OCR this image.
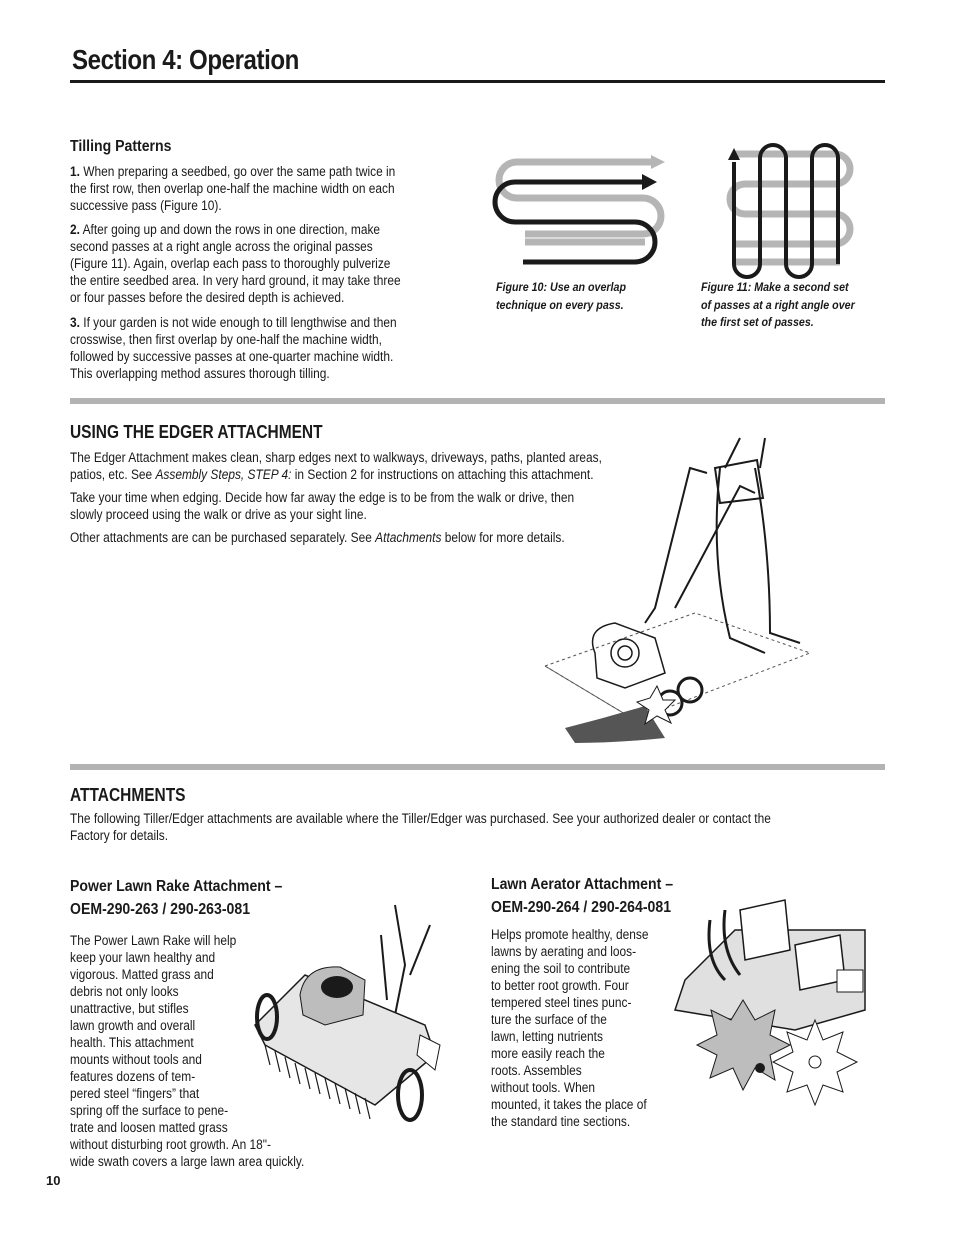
Section 4: Operation
Tilling Patterns

1. When preparing a seedbed, go over the same path twice in
the first row, then overlap one-half the machine width on each
successive pass (Figure 10).

2. After going up and down the rows in one direction, make
second passes at a right angle across the original passes
(Figure 11). Again, overlap each pass to thoroughly pulverize
the entire seedbed area. In very hard ground, it may take three
or four passes before the desired depth is achieved.

3. If your garden is not wide enough to till lengthwise and then
crosswise, then first overlap by one-half the machine width,
followed by successive passes at one-quarter machine width.
This overlapping method assures thorough tilling.

Figure 10: Use an overlap
technique on every pass.

Figure 11: Make a second set
of passes at a right angle over
the first set of passes.

USING THE EDGER ATTACHMENT

The Edger Attachment makes clean, sharp edges next to walkways, driveways, paths, planted areas,
patios, etc. See Assembly Steps, STEP 4: in Section 2 for instructions on attaching this attachment.

Take your time when edging. Decide how far away the edge is to be from the walk or drive, then
slowly proceed using the walk or drive as your sight line.

Other attachments are can be purchased separately. See Attachments below for more details.

ATTACHMENTS

The following Tiller/Edger attachments are available where the Tiller/Edger was purchased. See your authorized dealer or contact the
Factory for details.

Power Lawn Rake Attachment –
OEM-290-263 / 290-263-081

The Power Lawn Rake will help
keep your lawn healthy and
vigorous. Matted grass and
debris not only looks
unattractive, but stifles
lawn growth and overall
health. This attachment
mounts without tools and
features dozens of tem-
pered steel “fingers” that
spring off the surface to pene-
trate and loosen matted grass
without disturbing root growth. An 18"-
wide swath covers a large lawn area quickly.

Lawn Aerator Attachment –
OEM-290-264 / 290-264-081

Helps promote healthy, dense
lawns by aerating and loos-
ening the soil to contribute
to better root growth. Four
tempered steel tines punc-
ture the surface of the
lawn, letting nutrients
more easily reach the
roots. Assembles
without tools. When
mounted, it takes the place of
the standard tine sections.

10
